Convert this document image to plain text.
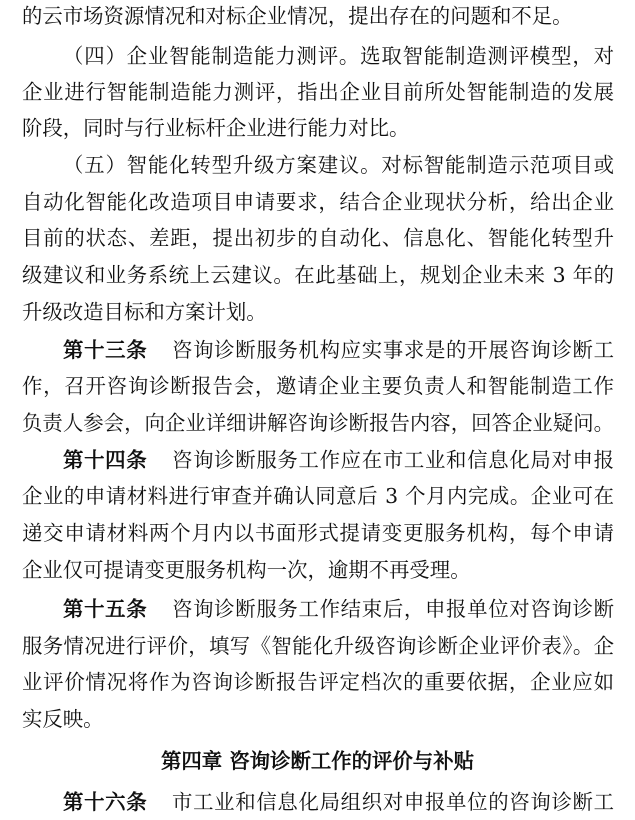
的云市场资源情况和对标企业情况，提出存在的问题和不足。
（四）企业智能制造能力测评。选取智能制造测评模型，对
企业进行智能制造能力测评，指出企业目前所处智能制造的发展
阶段，同时与行业标杆企业进行能力对比。
（五）智能化转型升级方案建议。对标智能制造示范项目或
自动化智能化改造项目申请要求，结合企业现状分析，给出企业
目前的状态、差距，提出初步的自动化、信息化、智能化转型升
级建议和业务系统上云建议。在此基础上，规划企业未来 3 年的
升级改造目标和方案计划。
第十三条 咨询诊断服务机构应实事求是的开展咨询诊断工
作，召开咨询诊断报告会，邀请企业主要负责人和智能制造工作
负责人参会，向企业详细讲解咨询诊断报告内容，回答企业疑问。
第十四条 咨询诊断服务工作应在市工业和信息化局对申报
企业的申请材料进行审查并确认同意后 3 个月内完成。企业可在
递交申请材料两个月内以书面形式提请变更服务机构，每个申请
企业仅可提请变更服务机构一次，逾期不再受理。
第十五条 咨询诊断服务工作结束后，申报单位对咨询诊断
服务情况进行评价，填写《智能化升级咨询诊断企业评价表》。企
业评价情况将作为咨询诊断报告评定档次的重要依据，企业应如
实反映。
第四章 咨询诊断工作的评价与补贴
第十六条 市工业和信息化局组织对申报单位的咨询诊断工
